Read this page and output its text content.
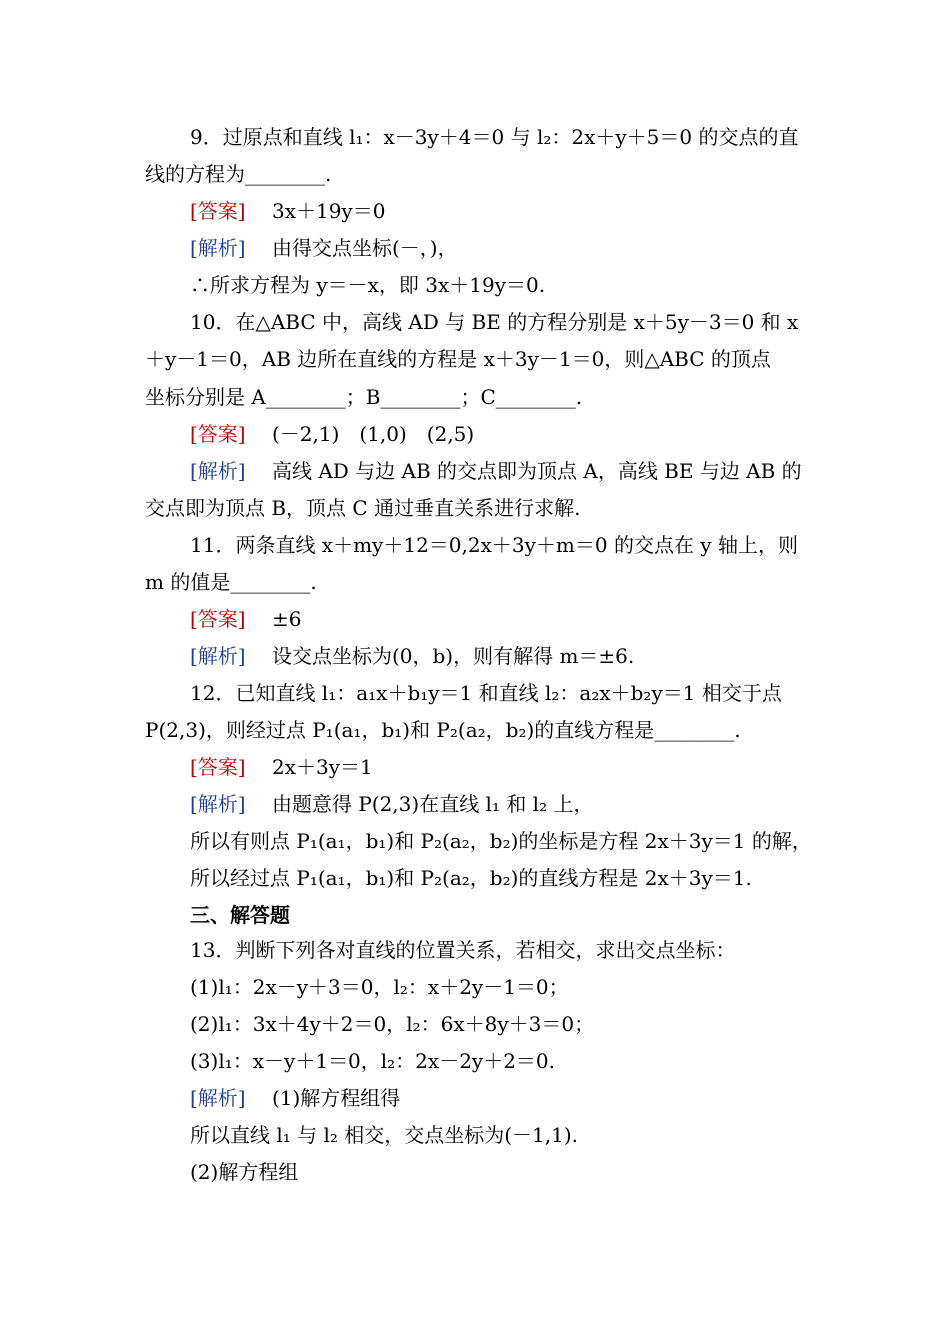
9．过原点和直线 l₁：x－3y＋4＝0 与 l₂：2x＋y＋5＝0 的交点的直
线的方程为________.
[答案]　 3x＋19y＝0
[解析]　 由得交点坐标(－，)，
∴所求方程为 y＝－x，即 3x＋19y＝0.
10．在△ABC 中，高线 AD 与 BE 的方程分别是 x＋5y－3＝0 和 x
＋y－1＝0，AB 边所在直线的方程是 x＋3y－1＝0，则△ABC 的顶点
坐标分别是 A________；B________；C________.
[答案]　 (－2,1)　(1,0)　(2,5)
[解析]　 高线 AD 与边 AB 的交点即为顶点 A，高线 BE 与边 AB 的
交点即为顶点 B，顶点 C 通过垂直关系进行求解.
11．两条直线 x＋my＋12＝0,2x＋3y＋m＝0 的交点在 y 轴上，则
m 的值是________.
[答案]　 ±6
[解析]　 设交点坐标为(0，b)，则有解得 m＝±6.
12．已知直线 l₁：a₁x＋b₁y＝1 和直线 l₂：a₂x＋b₂y＝1 相交于点
P(2,3)，则经过点 P₁(a₁，b₁)和 P₂(a₂，b₂)的直线方程是________.
[答案]　 2x＋3y＝1
[解析]　 由题意得 P(2,3)在直线 l₁ 和 l₂ 上，
所以有则点 P₁(a₁，b₁)和 P₂(a₂，b₂)的坐标是方程 2x＋3y＝1 的解，
所以经过点 P₁(a₁，b₁)和 P₂(a₂，b₂)的直线方程是 2x＋3y＝1.
三、解答题
13．判断下列各对直线的位置关系，若相交，求出交点坐标：
(1)l₁：2x－y＋3＝0，l₂：x＋2y－1＝0；
(2)l₁：3x＋4y＋2＝0，l₂：6x＋8y＋3＝0；
(3)l₁：x－y＋1＝0，l₂：2x－2y＋2＝0.
[解析]　 (1)解方程组得
所以直线 l₁ 与 l₂ 相交，交点坐标为(－1,1).
(2)解方程组
